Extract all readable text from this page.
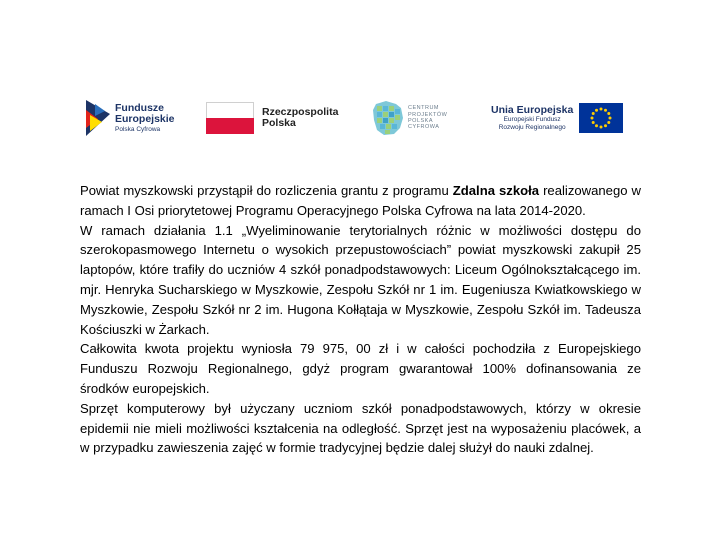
Fundusze
Europejskie
Polska Cyfrowa
Rzeczpospolita
Polska
CENTRUM
PROJEKTÓW
POLSKA
CYFROWA
Unia Europejska
Europejski Fundusz
Rozwoju Regionalnego

Powiat myszkowski przystąpił do rozliczenia grantu z programu Zdalna szkoła realizowanego w ramach I Osi priorytetowej Programu Operacyjnego Polska Cyfrowa na lata 2014-2020.

W ramach działania 1.1 „Wyeliminowanie terytorialnych różnic w możliwości dostępu do szerokopasmowego Internetu o wysokich przepustowościach” powiat myszkowski zakupił 25 laptopów, które trafiły do uczniów 4 szkół ponadpodstawowych: Liceum Ogólnokształcącego im. mjr. Henryka Sucharskiego w Myszkowie, Zespołu Szkół nr 1 im. Eugeniusza Kwiatkowskiego w Myszkowie, Zespołu Szkół nr 2 im. Hugona Kołłątaja w Myszkowie, Zespołu Szkół im. Tadeusza Kościuszki w Żarkach.

Całkowita kwota projektu wyniosła 79 975, 00 zł i w całości pochodziła z Europejskiego Funduszu Rozwoju Regionalnego, gdyż program gwarantował 100% dofinansowania ze środków europejskich.

Sprzęt komputerowy był użyczany uczniom szkół ponadpodstawowych, którzy w okresie epidemii nie mieli możliwości kształcenia na odległość. Sprzęt jest na wyposażeniu placówek, a w przypadku zawieszenia zajęć w formie tradycyjnej będzie dalej służył do nauki zdalnej.
